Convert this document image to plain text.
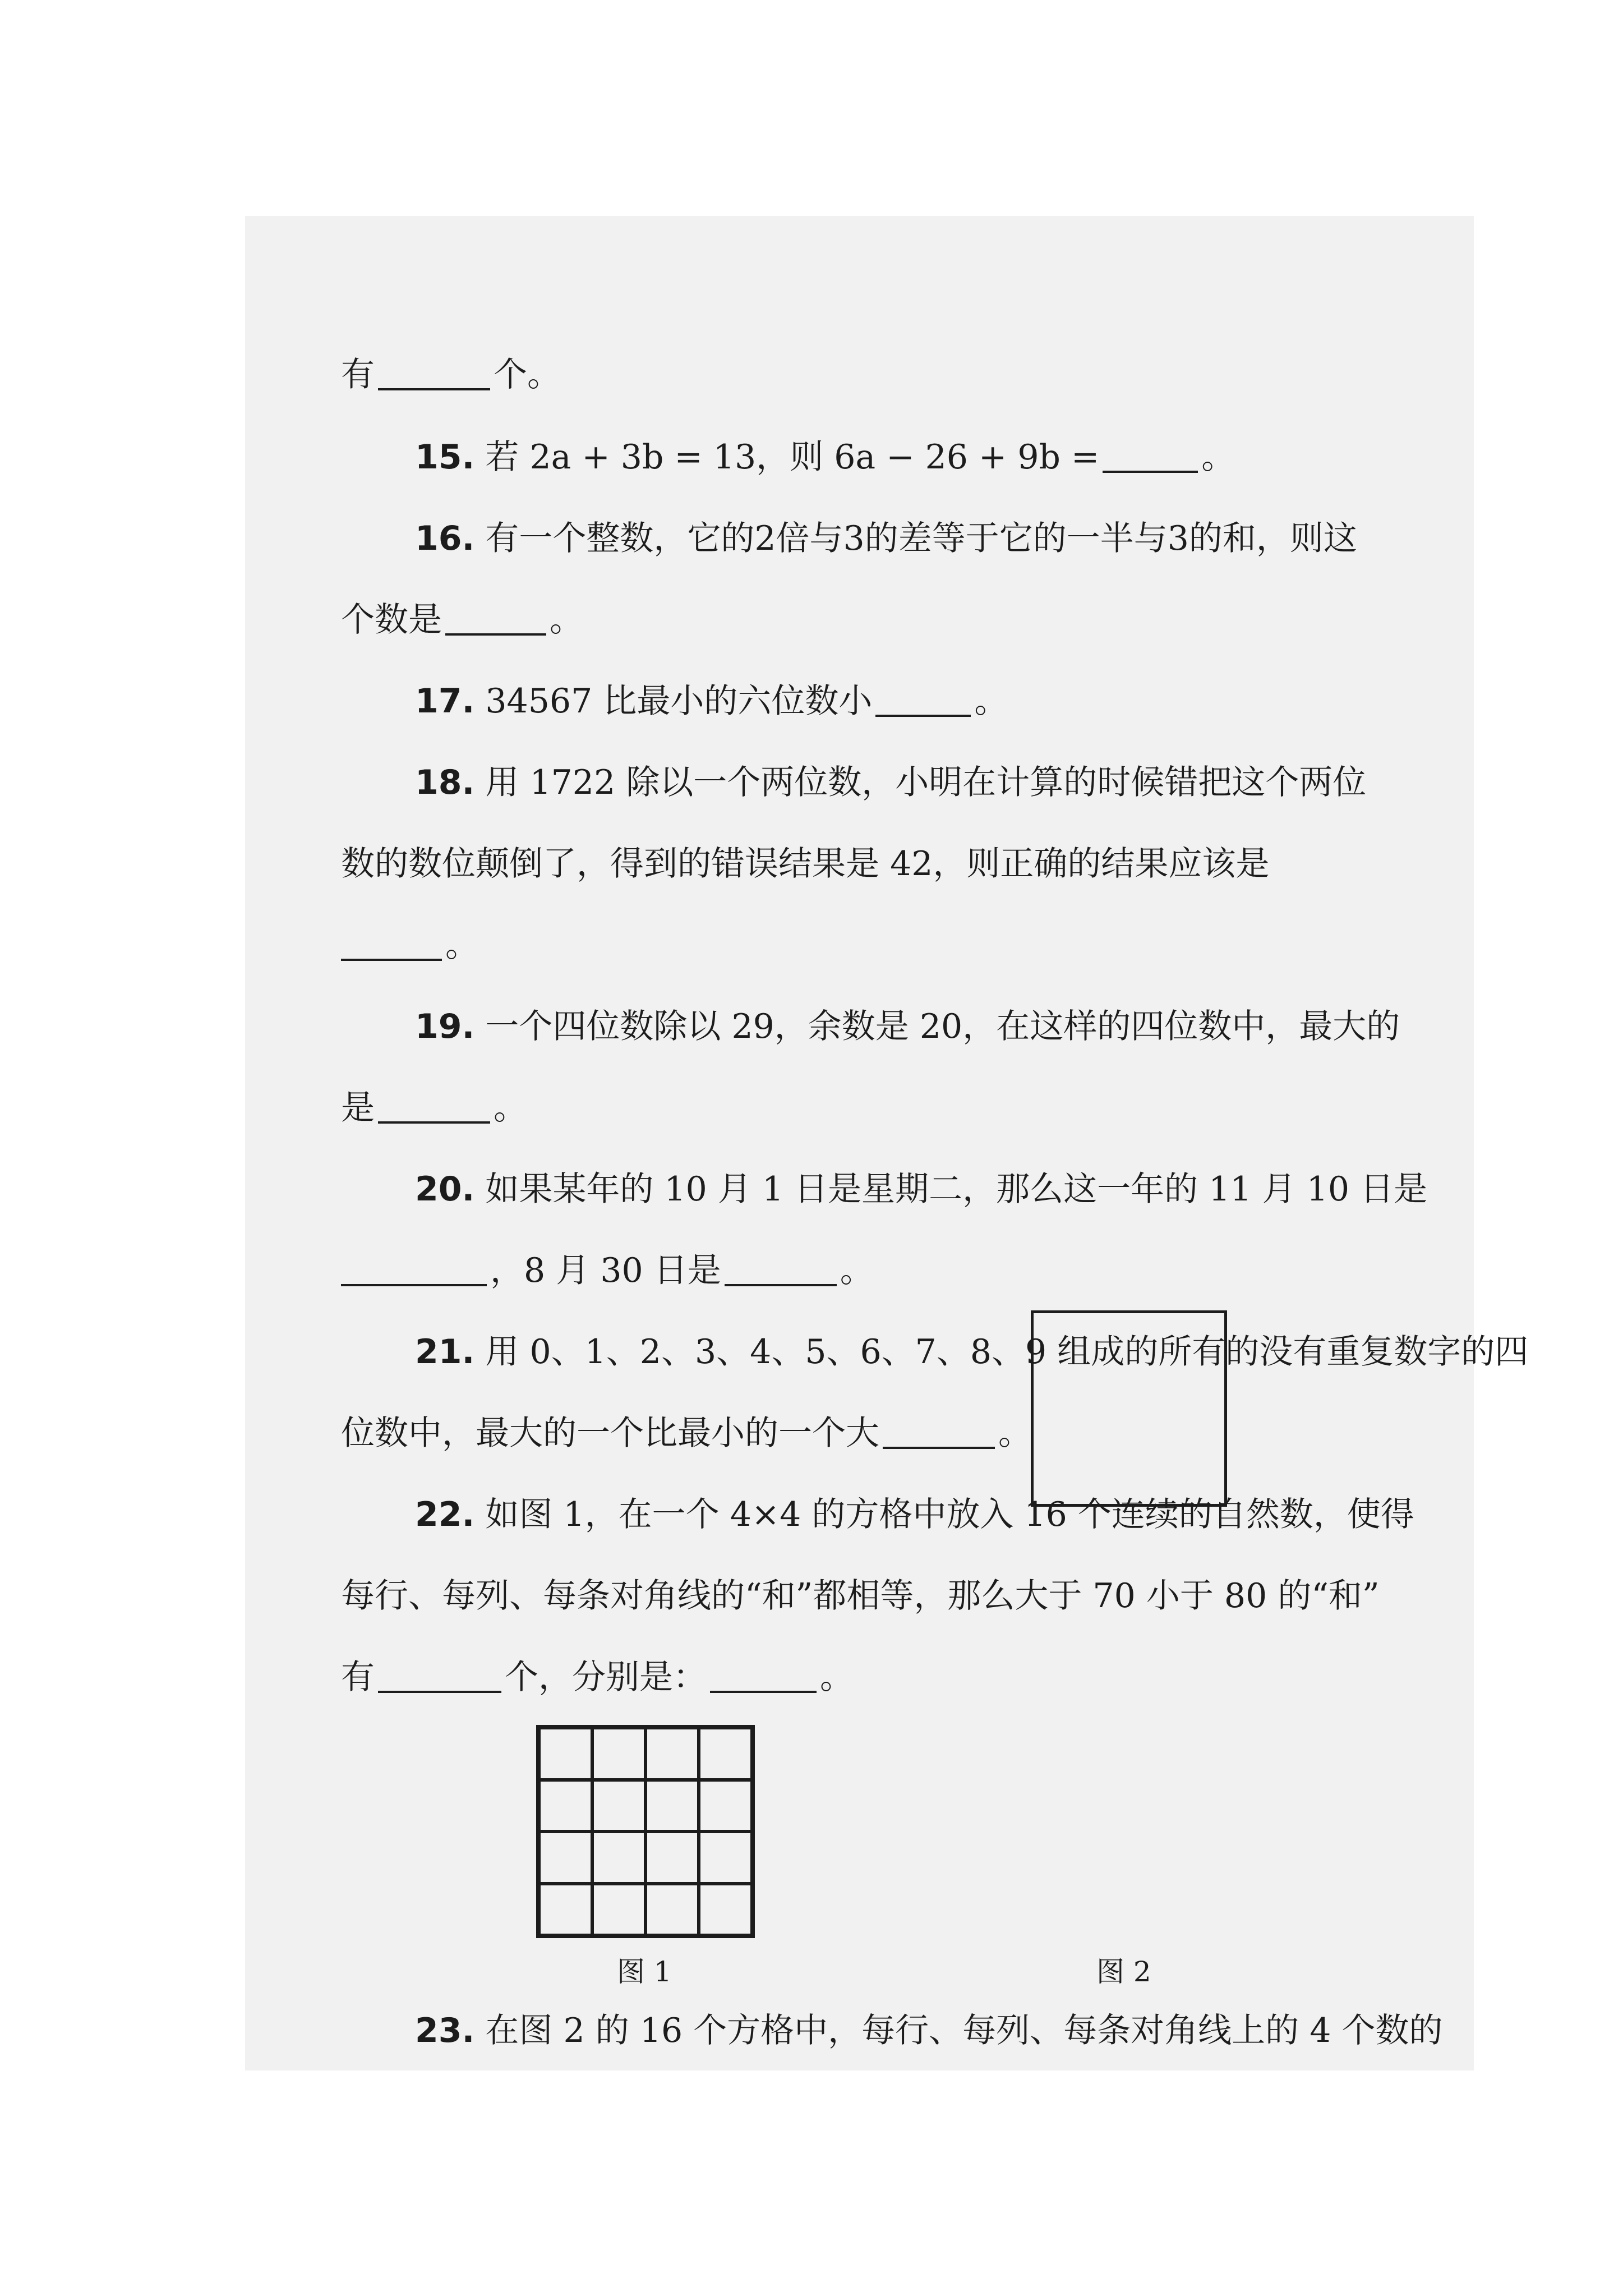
有	个。
15. 若 2a + 3b = 13，则 6a − 26 + 9b =	。
16. 有一个整数，它的2倍与3的差等于它的一半与3的和，则这
个数是	。
17. 34567 比最小的六位数小	。
18. 用 1722 除以一个两位数，小明在计算的时候错把这个两位
数的数位颠倒了，得到的错误结果是 42，则正确的结果应该是
。
19. 一个四位数除以 29，余数是 20，在这样的四位数中，最大的
是	。
20. 如果某年的 10 月 1 日是星期二，那么这一年的 11 月 10 日是
，8 月 30 日是	。
21. 用 0、1、2、3、4、5、6、7、8、9 组成的所有的没有重复数字的四
位数中，最大的一个比最小的一个大	。
22. 如图 1，在一个 4×4 的方格中放入 16 个连续的自然数，使得
每行、每列、每条对角线的“和”都相等，那么大于 70 小于 80 的“和”
有	个，分别是：	。
图 1	图 2
23. 在图 2 的 16 个方格中，每行、每列、每条对角线上的 4 个数的
